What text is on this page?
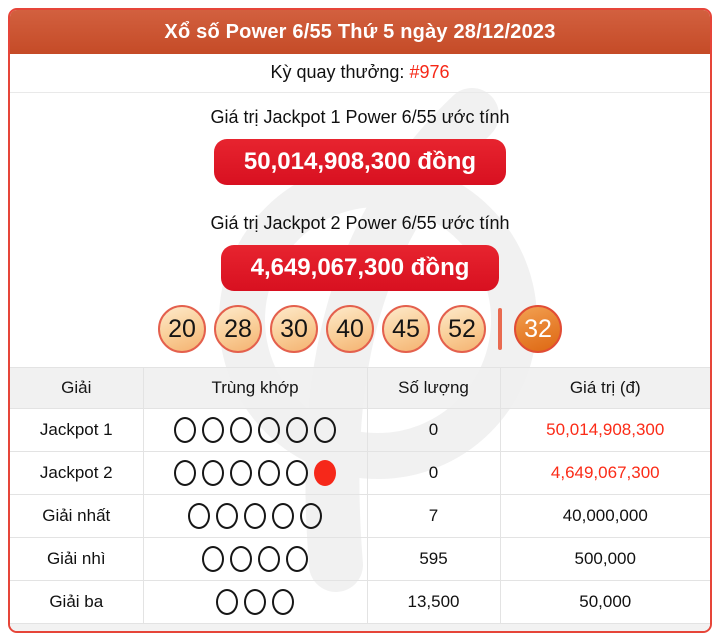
Xổ số Power 6/55 Thứ 5 ngày 28/12/2023
Kỳ quay thưởng: #976
Giá trị Jackpot 1 Power 6/55 ước tính
50,014,908,300 đồng
Giá trị Jackpot 2 Power 6/55 ước tính
4,649,067,300 đồng
20	28	30	40	45	52	32
Giải	Trùng khớp	Số lượng	Giá trị (đ)
Jackpot 1		0	50,014,908,300
Jackpot 2		0	4,649,067,300
Giải nhất		7	40,000,000
Giải nhì		595	500,000
Giải ba		13,500	50,000
